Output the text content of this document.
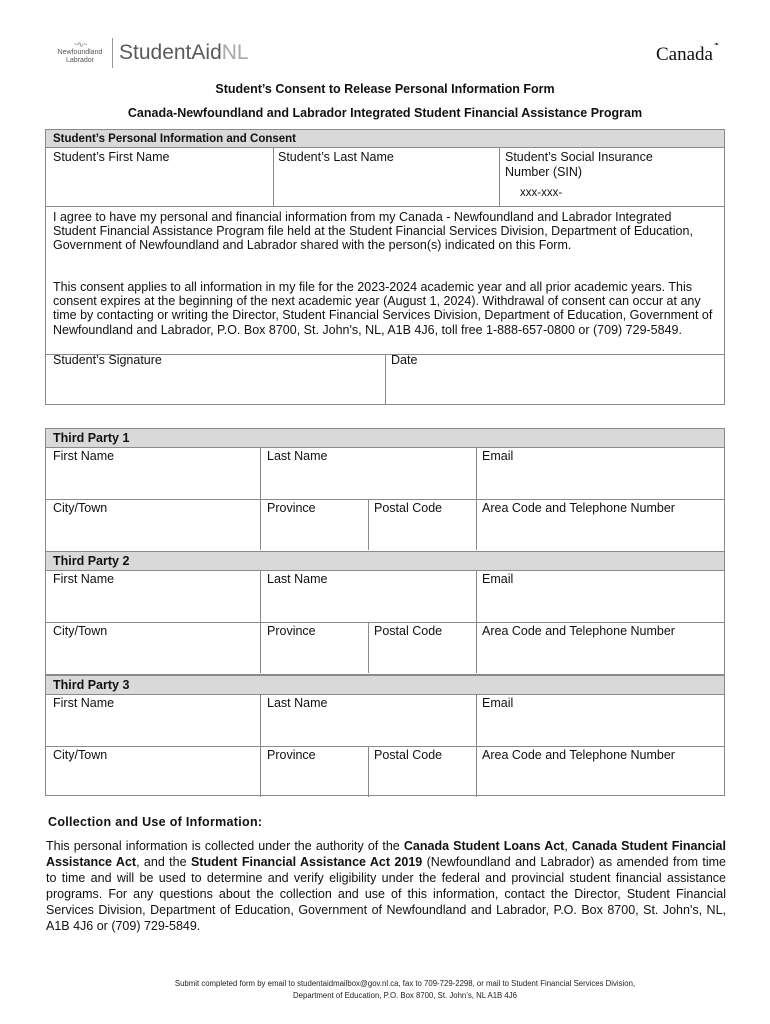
~∿~
Newfoundland
Labrador	StudentAidNL	Canada ❧
Student’s Consent to Release Personal Information Form
Canada-Newfoundland and Labrador Integrated Student Financial Assistance Program
Student’s Personal Information and Consent
Student’s First Name	Student’s Last Name	Student’s Social Insurance
Number (SIN)
xxx-xxx-
I agree to have my personal and financial information from my Canada - Newfoundland and Labrador Integrated Student Financial Assistance Program file held at the Student Financial Services Division, Department of Education, Government of Newfoundland and Labrador shared with the person(s) indicated on this Form.
This consent applies to all information in my file for the 2023-2024 academic year and all prior academic years. This consent expires at the beginning of the next academic year (August 1, 2024). Withdrawal of consent can occur at any time by contacting or writing the Director, Student Financial Services Division, Department of Education, Government of Newfoundland and Labrador, P.O. Box 8700, St. John's, NL, A1B 4J6, toll free 1-888-657-0800 or (709) 729-5849.
Student’s Signature	Date
Third Party 1
First Name	Last Name	Email
City/Town	Province	Postal Code	Area Code and Telephone Number
Third Party 2
First Name	Last Name	Email
City/Town	Province	Postal Code	Area Code and Telephone Number
Third Party 3
First Name	Last Name	Email
City/Town	Province	Postal Code	Area Code and Telephone Number
Collection and Use of Information:
This personal information is collected under the authority of the Canada Student Loans Act, Canada Student Financial Assistance Act, and the Student Financial Assistance Act 2019 (Newfoundland and Labrador) as amended from time to time and will be used to determine and verify eligibility under the federal and provincial student financial assistance programs. For any questions about the collection and use of this information, contact the Director, Student Financial Services Division, Department of Education, Government of Newfoundland and Labrador, P.O. Box 8700, St. John's, NL, A1B 4J6 or (709) 729-5849.
Submit completed form by email to studentaidmailbox@gov.nl.ca, fax to 709-729-2298, or mail to Student Financial Services Division,
Department of Education, P.O. Box 8700, St. John’s, NL A1B 4J6
